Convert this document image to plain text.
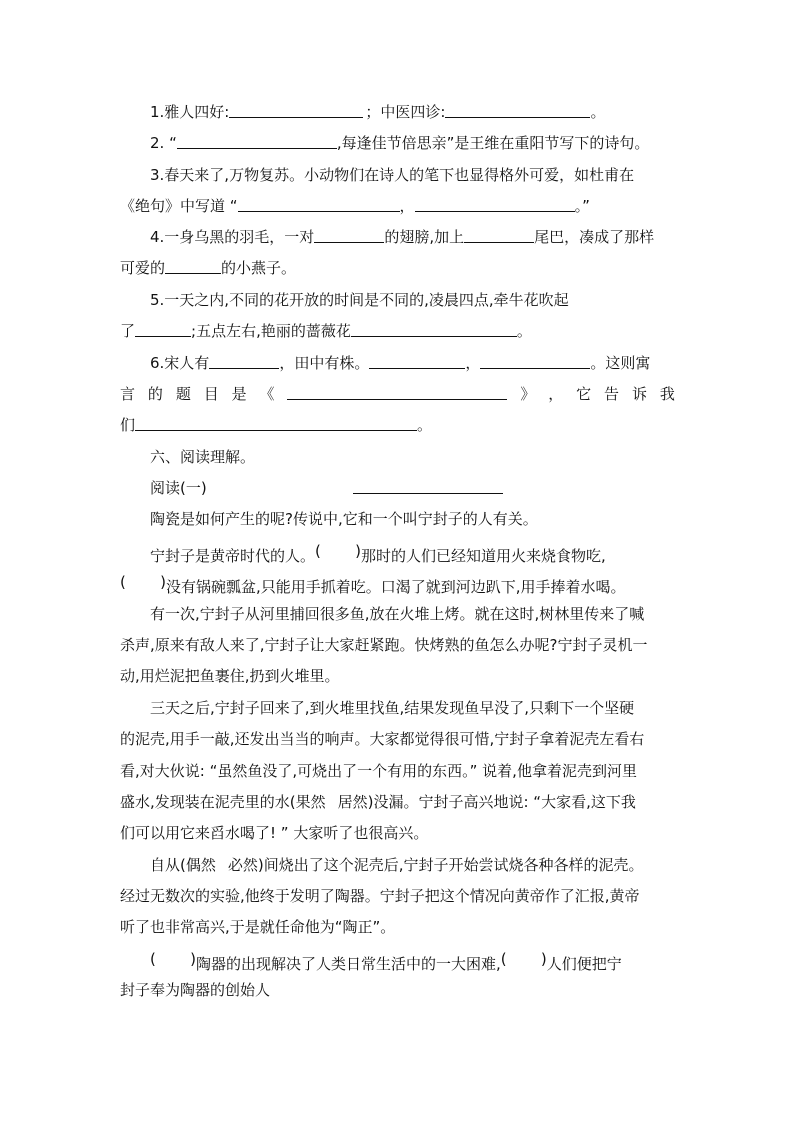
1.雅人四好:	；中医四诊:	。
2. “	,每逢佳节倍思亲”是王维在重阳节写下的诗句。
3.春天来了,万物复苏。小动物们在诗人的笔下也显得格外可爱，如杜甫在
《绝句》中写道 “	，	。”
4.一身乌黑的羽毛，一对	的翅膀,加上	尾巴，凑成了那样
可爱的	的小燕子。
5.一天之内,不同的花开放的时间是不同的,凌晨四点,牵牛花吹起
了	;五点左右,艳丽的蔷薇花	。
6.宋人有	，田中有株。	，	。这则寓
言 的 题 目 是 《	》 ， 它 告 诉 我
们	。
六、阅读理解。
阅读(一)
陶瓷是如何产生的呢?传说中,它和一个叫宁封子的人有关。
宁封子是黄帝时代的人。 ( )	那时的人们已经知道用火来烧食物吃,
( )没有锅碗瓢盆,只能用手抓着吃。口渴了就到河边趴下,用手捧着水喝。
有一次,宁封子从河里捕回很多鱼,放在火堆上烤。就在这时,树林里传来了喊
杀声,原来有敌人来了,宁封子让大家赶紧跑。快烤熟的鱼怎么办呢?宁封子灵机一
动,用烂泥把鱼裹住,扔到火堆里。
三天之后,宁封子回来了,到火堆里找鱼,结果发现鱼早没了,只剩下一个坚硬
的泥壳,用手一敲,还发出当当的响声。大家都觉得很可惜,宁封子拿着泥壳左看右
看,对大伙说: “虽然鱼没了,可烧出了一个有用的东西。” 说着,他拿着泥壳到河里
盛水,发现装在泥壳里的水(果然 居然)没漏。宁封子高兴地说: “大家看,这下我
们可以用它来舀水喝了! ” 大家听了也很高兴。
自从(偶然 必然)间烧出了这个泥壳后,宁封子开始尝试烧各种各样的泥壳。
经过无数次的实验,他终于发明了陶器。宁封子把这个情况向黄帝作了汇报,黄帝
听了也非常高兴,于是就任命他为“陶正”。
( )陶器的出现解决了人类日常生活中的一大困难, ( )	人们便把宁
封子奉为陶器的创始人
